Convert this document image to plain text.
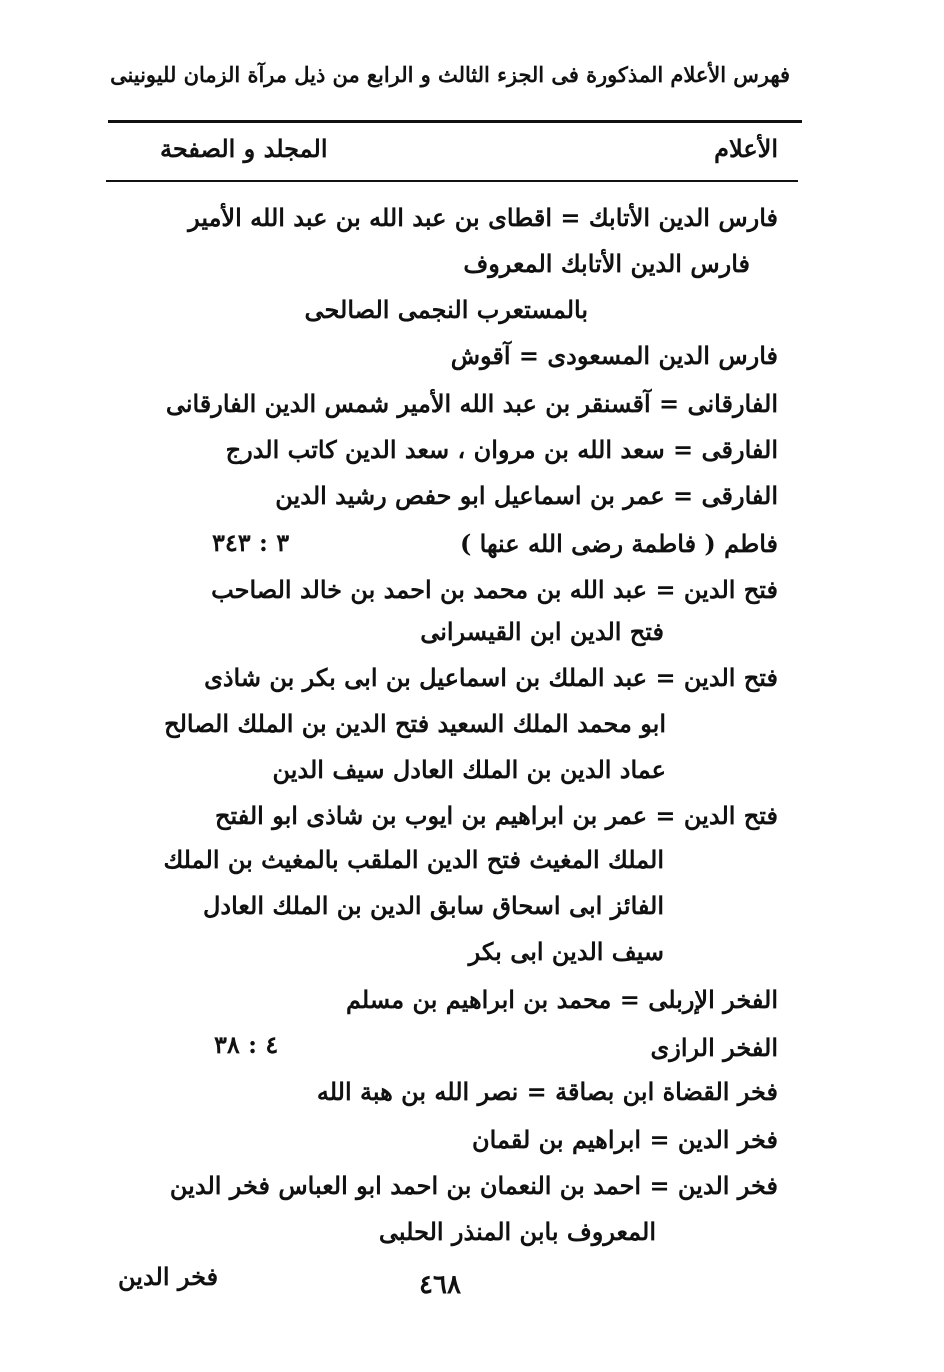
فهرس الأعلام المذكورة فى الجزء الثالث و الرابع من ذيل مرآة الزمان لليونينى
الأعلام
المجلد و الصفحة
فارس الدين الأتابك = اقطاى بن عبد الله بن عبد الله الأمير
فارس الدين الأتابك المعروف
بالمستعرب النجمى الصالحى
فارس الدين المسعودى = آقوش
الفارقانى = آقسنقر بن عبد الله الأمير شمس الدين الفارقانى
الفارقى = سعد الله بن مروان ، سعد الدين كاتب الدرج
الفارقى = عمر بن اسماعيل ابو حفص رشيد الدين
فاطم ( فاطمة رضى الله عنها )
٣ : ٣٤٣
فتح الدين = عبد الله بن محمد بن احمد بن خالد الصاحب
فتح الدين ابن القيسرانى
فتح الدين = عبد الملك بن اسماعيل بن ابى بكر بن شاذى
ابو محمد الملك السعيد فتح الدين بن الملك الصالح
عماد الدين بن الملك العادل سيف الدين
فتح الدين = عمر بن ابراهيم بن ايوب بن شاذى ابو الفتح
الملك المغيث فتح الدين الملقب بالمغيث بن الملك
الفائز ابى اسحاق سابق الدين بن الملك العادل
سيف الدين ابى بكر
الفخر الإربلى = محمد بن ابراهيم بن مسلم
الفخر الرازى
٤ : ٣٨
فخر القضاة ابن بصاقة = نصر الله بن هبة الله
فخر الدين = ابراهيم بن لقمان
فخر الدين = احمد بن النعمان بن احمد ابو العباس فخر الدين
المعروف بابن المنذر الحلبى
٤٦٨
فخر الدين
